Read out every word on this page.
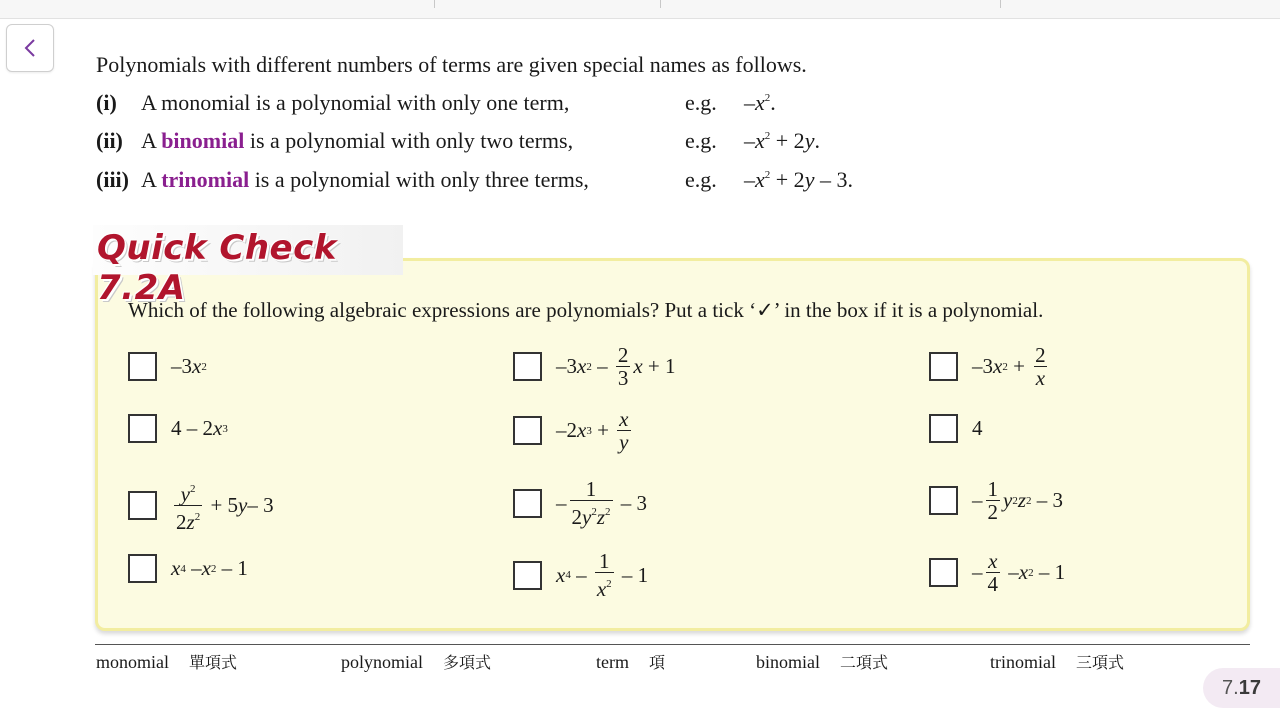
Polynomials with different numbers of terms are given special names as follows.
(i) A monomial is a polynomial with only one term,	e.g. $-x^2$.
(ii) A binomial is a polynomial with only two terms,	e.g. $-x^2 + 2y$.
(iii) A trinomial is a polynomial with only three terms,	e.g. $-x^2 + 2y - 3$.
Quick Check 7.2A
Which of the following algebraic expressions are polynomials? Put a tick ‘✓’ in the box if it is a polynomial.
–3 x 2	–3 x $2 - \frac{2}{3}$ x + 1	–3 x $2 + \frac{2}{x}$
4 – 2 x 3	–2 x $3 + \frac{x}{y}$	4
$\frac{y^2}{2z^2} + 5$ y – 3	– $\frac{1}{2y^2z^2} - 3$	– $\frac{1}{2}$ y 2 z 2 – 3
x 4 – x 2 – 1	x $4 - \frac{1}{x^2} - 1$	– $\frac{x}{4}$ – x 2 – 1
monomial 單項式	polynomial 多項式	term 項	binomial 二項式	trinomial 三項式
7. 17
